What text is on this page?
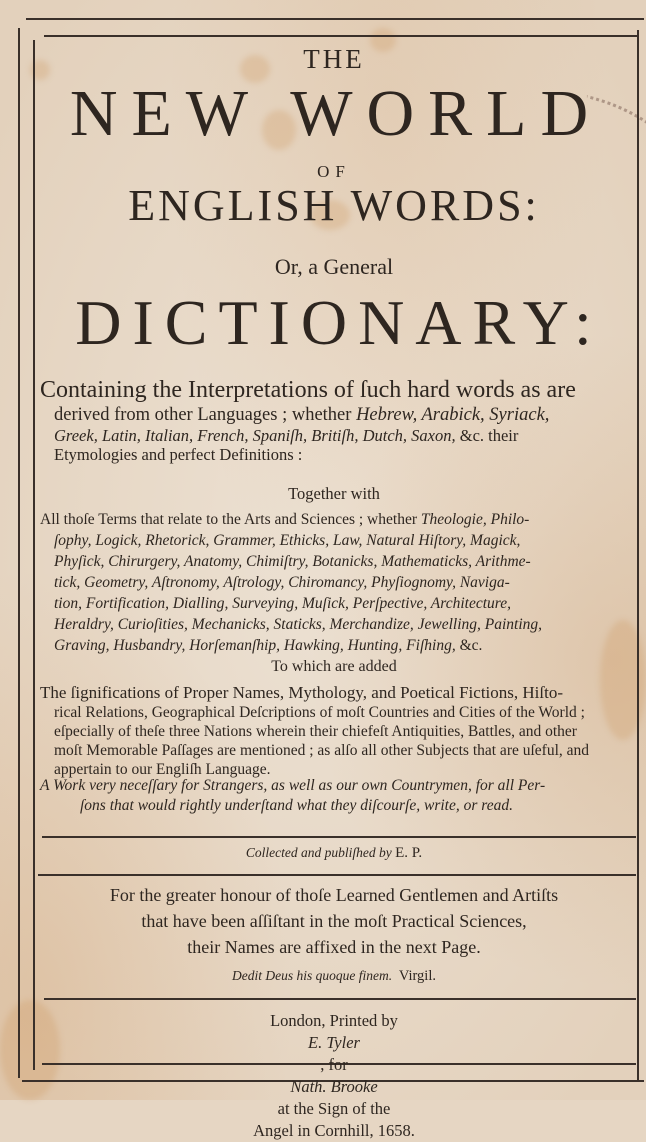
THE
NEW WORLD
OF
ENGLISH WORDS:
Or, a General
DICTIONARY:
Containing the Interpretations of ſuch hard words as are
derived from other Languages ; whether Hebrew, Arabick, Syriack,
Greek, Latin, Italian, French, Spaniſh, Britiſh, Dutch, Saxon, &c. their
Etymologies and perfect Definitions :
Together with
All thoſe Terms that relate to the Arts and Sciences ; whether Theologie, Philo-
ſophy, Logick, Rhetorick, Grammer, Ethicks, Law, Natural Hiſtory, Magick,
Phyſick, Chirurgery, Anatomy, Chimiſtry, Botanicks, Mathematicks, Arithme-
tick, Geometry, Aſtronomy, Aſtrology, Chiromancy, Phyſiognomy, Naviga-
tion, Fortification, Dialling, Surveying, Muſick, Perſpective, Architecture,
Heraldry, Curioſities, Mechanicks, Staticks, Merchandize, Jewelling, Painting,
Graving, Husbandry, Horſemanſhip, Hawking, Hunting, Fiſhing, &c.
To which are added
The ſignifications of Proper Names, Mythology, and Poetical Fictions, Hiſto-
rical Relations, Geographical Deſcriptions of moſt Countries and Cities of the World ;
eſpecially of theſe three Nations wherein their chiefeſt Antiquities, Battles, and other
moſt Memorable Paſſages are mentioned ; as alſo all other Subjects that are uſeful, and
appertain to our Engliſh Language.
A Work very neceſſary for Strangers, as well as our own Countrymen, for all Per-
ſons that would rightly underſtand what they diſcourſe, write, or read.
Collected and publiſhed by E. P.
For the greater honour of thoſe Learned Gentlemen and Artiſts
that have been aſſiſtant in the moſt Practical Sciences,
their Names are affixed in the next Page.
Dedit Deus his quoque finem. Virgil.
London, Printed by
E. Tyler
, for
Nath. Brooke
at the Sign of the
Angel in Cornhill, 1658.
